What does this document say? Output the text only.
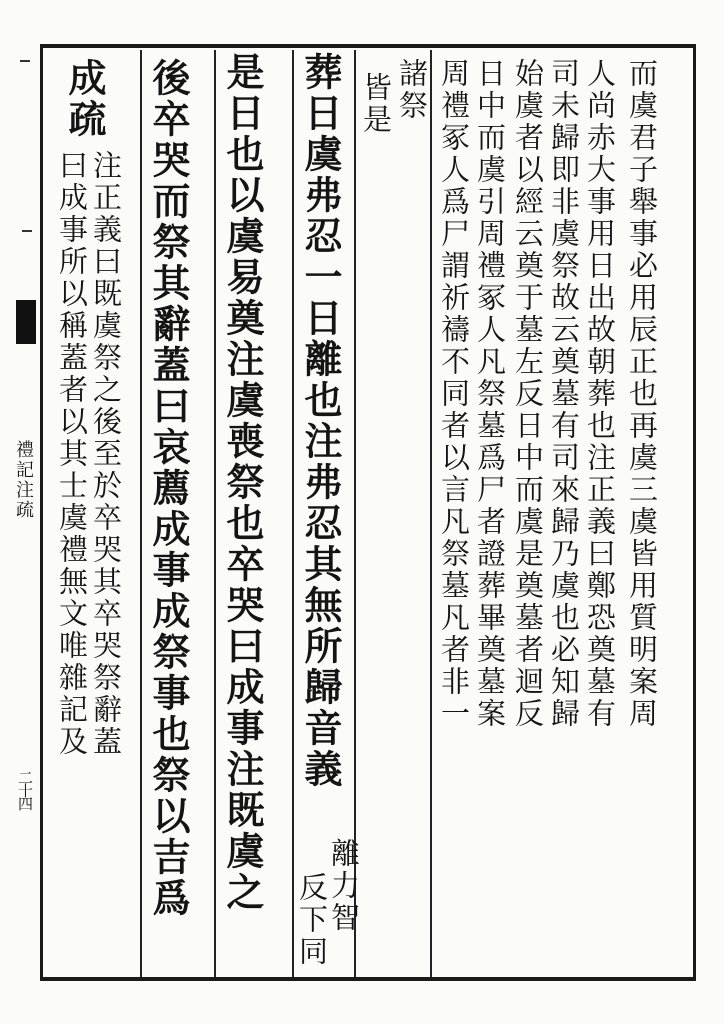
禮記注疏
二十四
而虞君子舉事必用辰正也再虞三虞皆用質明案周
人尚赤大事用日出故朝葬也注正義曰鄭恐奠墓有
司未歸即非虞祭故云奠墓有司來歸乃虞也必知歸
始虞者以經云奠于墓左反日中而虞是奠墓者迴反
日中而虞引周禮冢人凡祭墓爲尸者證葬畢奠墓案
周禮冢人爲尸謂祈禱不同者以言凡祭墓凡者非一
諸祭
皆是
葬日虞弗忍一日離也注弗忍其無所歸音義
離力智
反下同
是日也以虞易奠注虞喪祭也卒哭曰成事注既虞之
後卒哭而祭其辭蓋曰哀薦成事成祭事也祭以吉爲
成疏
注正義曰既虞祭之後至於卒哭其卒哭祭辭蓋
曰成事所以稱蓋者以其士虞禮無文唯雜記及
